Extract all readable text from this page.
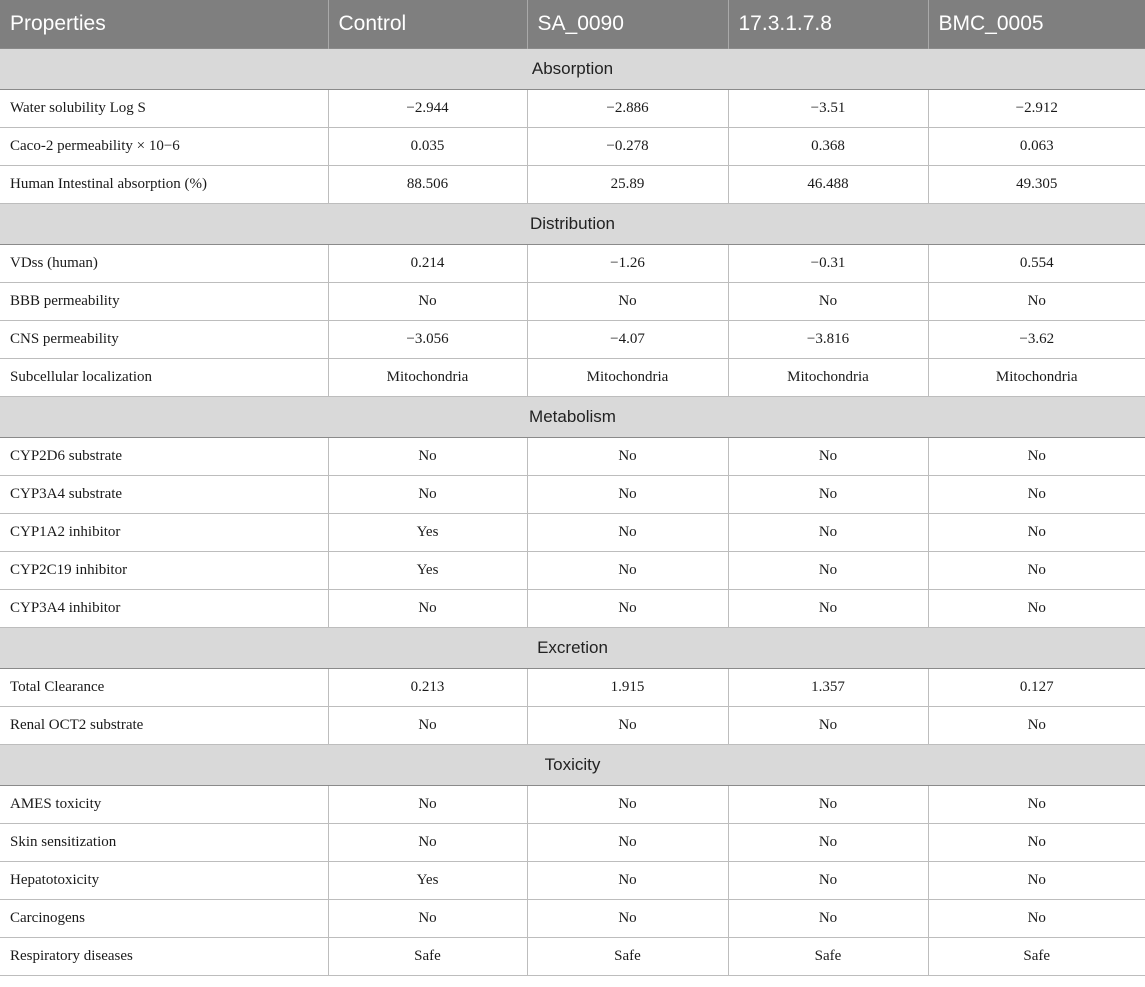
Properties	Control	SA_0090	17.3.1.7.8	BMC_0005
Absorption				
Water solubility Log S	−2.944	−2.886	−3.51	−2.912
Caco-2 permeability × 10−6	0.035	−0.278	0.368	0.063
Human Intestinal absorption (%)	88.506	25.89	46.488	49.305
Distribution				
VDss (human)	0.214	−1.26	−0.31	0.554
BBB permeability	No	No	No	No
CNS permeability	−3.056	−4.07	−3.816	−3.62
Subcellular localization	Mitochondria	Mitochondria	Mitochondria	Mitochondria
Metabolism				
CYP2D6 substrate	No	No	No	No
CYP3A4 substrate	No	No	No	No
CYP1A2 inhibitor	Yes	No	No	No
CYP2C19 inhibitor	Yes	No	No	No
CYP3A4 inhibitor	No	No	No	No
Excretion				
Total Clearance	0.213	1.915	1.357	0.127
Renal OCT2 substrate	No	No	No	No
Toxicity				
AMES toxicity	No	No	No	No
Skin sensitization	No	No	No	No
Hepatotoxicity	Yes	No	No	No
Carcinogens	No	No	No	No
Respiratory diseases	Safe	Safe	Safe	Safe
